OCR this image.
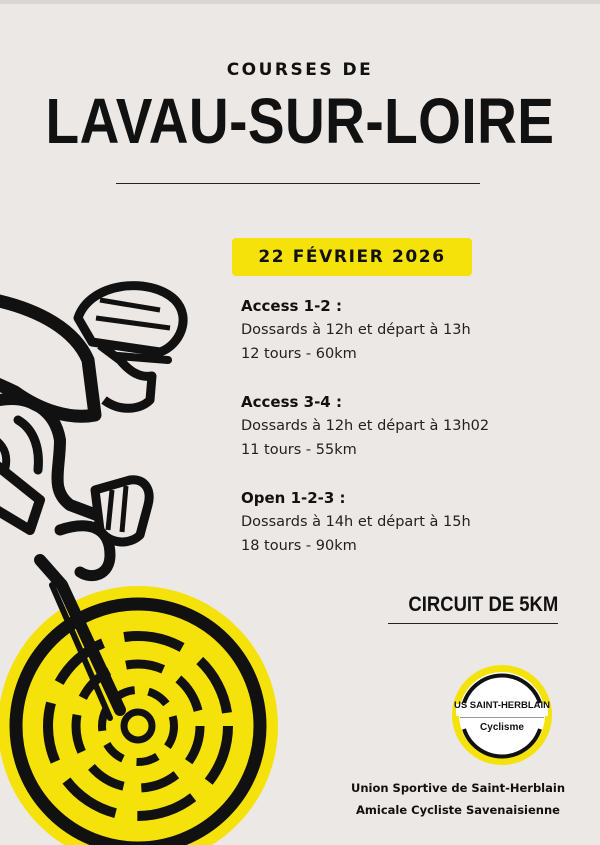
COURSES DE
LAVAU-SUR-LOIRE
22 FÉVRIER 2026
Access 1-2 :
Dossards à 12h et départ à 13h
12 tours - 60km
Access 3-4 :
Dossards à 12h et départ à 13h02
11 tours - 55km
Open 1-2-3 :
Dossards à 14h et départ à 15h
18 tours - 90km
CIRCUIT DE 5KM
US SAINT-HERBLAIN
Cyclisme
Union Sportive de Saint-Herblain
Amicale Cycliste Savenaisienne
